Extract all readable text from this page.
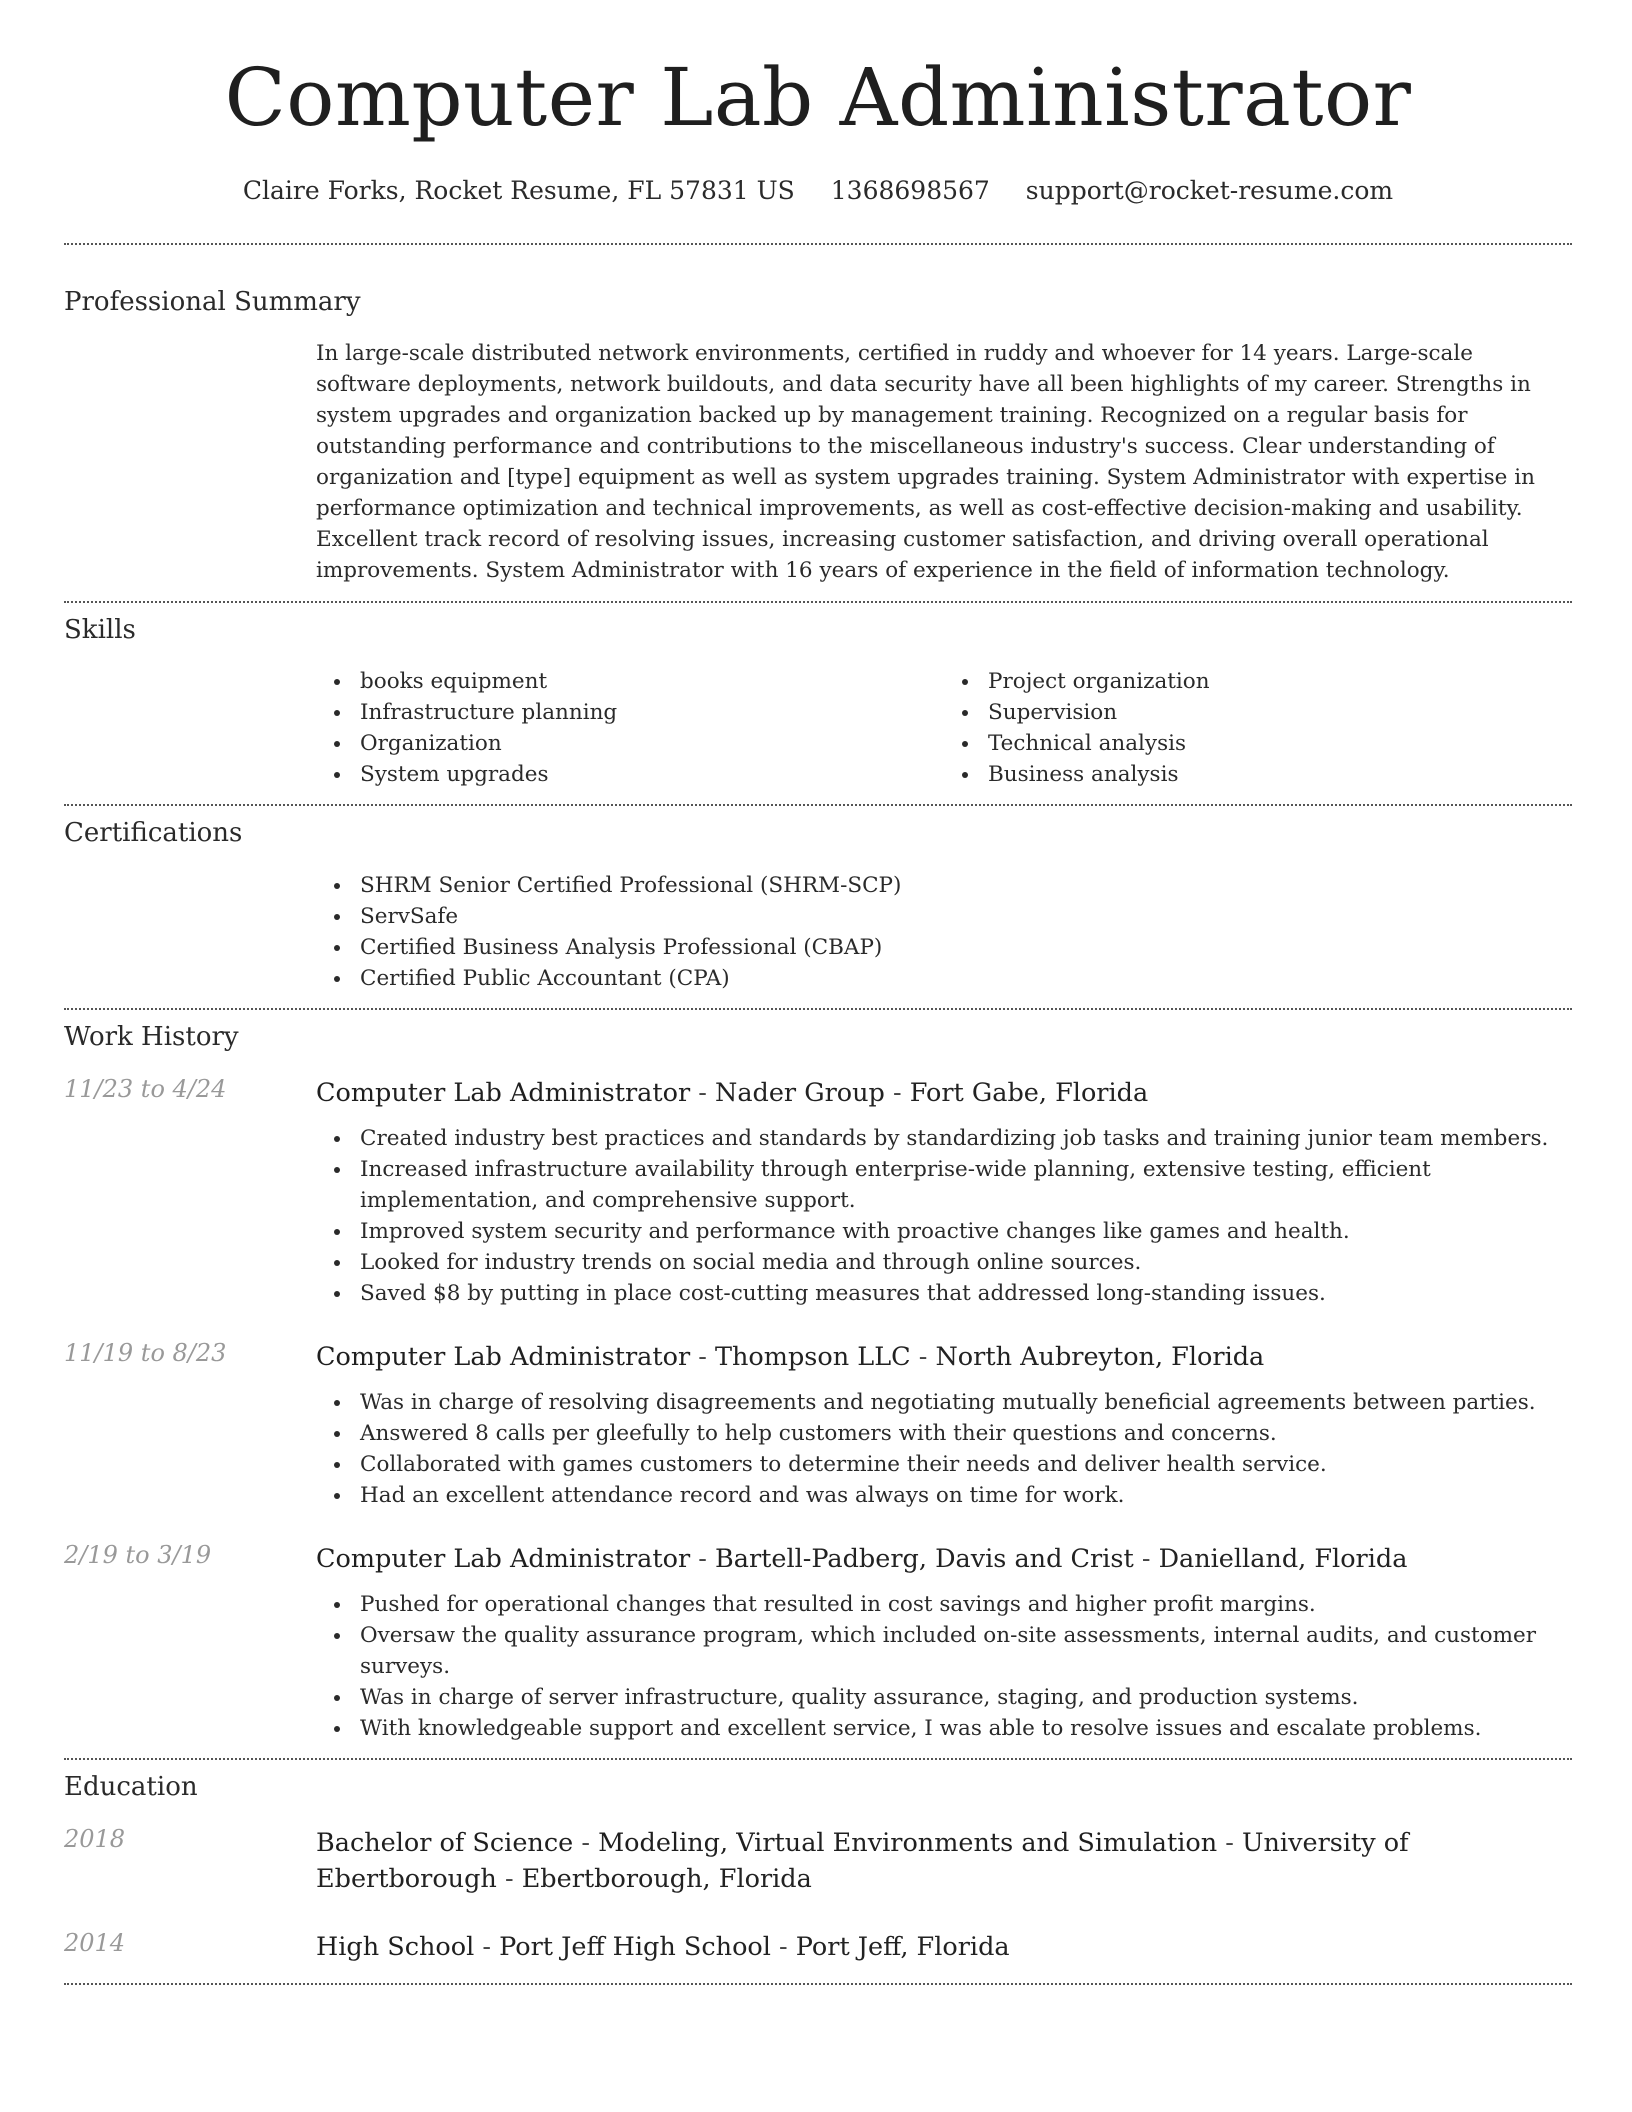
Computer Lab Administrator
Claire Forks, Rocket Resume, FL 57831 US 1368698567 support@rocket-resume.com
Professional Summary
In large-scale distributed network environments, certified in ruddy and whoever for 14 years. Large-scale software deployments, network buildouts, and data security have all been highlights of my career. Strengths in system upgrades and organization backed up by management training. Recognized on a regular basis for outstanding performance and contributions to the miscellaneous industry's success. Clear understanding of organization and [type] equipment as well as system upgrades training. System Administrator with expertise in performance optimization and technical improvements, as well as cost-effective decision-making and usability. Excellent track record of resolving issues, increasing customer satisfaction, and driving overall operational improvements. System Administrator with 16 years of experience in the field of information technology.
Skills
books equipment
Infrastructure planning
Organization
System upgrades
Project organization
Supervision
Technical analysis
Business analysis
Certifications
SHRM Senior Certified Professional (SHRM-SCP)
ServSafe
Certified Business Analysis Professional (CBAP)
Certified Public Accountant (CPA)
Work History
11/23 to 4/24	Computer Lab Administrator - Nader Group - Fort Gabe, Florida
Created industry best practices and standards by standardizing job tasks and training junior team members.
Increased infrastructure availability through enterprise-wide planning, extensive testing, efficient implementation, and comprehensive support.
Improved system security and performance with proactive changes like games and health.
Looked for industry trends on social media and through online sources.
Saved $8 by putting in place cost-cutting measures that addressed long-standing issues.
11/19 to 8/23	Computer Lab Administrator - Thompson LLC - North Aubreyton, Florida
Was in charge of resolving disagreements and negotiating mutually beneficial agreements between parties.
Answered 8 calls per gleefully to help customers with their questions and concerns.
Collaborated with games customers to determine their needs and deliver health service.
Had an excellent attendance record and was always on time for work.
2/19 to 3/19	Computer Lab Administrator - Bartell-Padberg, Davis and Crist - Danielland, Florida
Pushed for operational changes that resulted in cost savings and higher profit margins.
Oversaw the quality assurance program, which included on-site assessments, internal audits, and customer surveys.
Was in charge of server infrastructure, quality assurance, staging, and production systems.
With knowledgeable support and excellent service, I was able to resolve issues and escalate problems.
Education
2018	Bachelor of Science - Modeling, Virtual Environments and Simulation - University of Ebertborough - Ebertborough, Florida
2014	High School - Port Jeff High School - Port Jeff, Florida
